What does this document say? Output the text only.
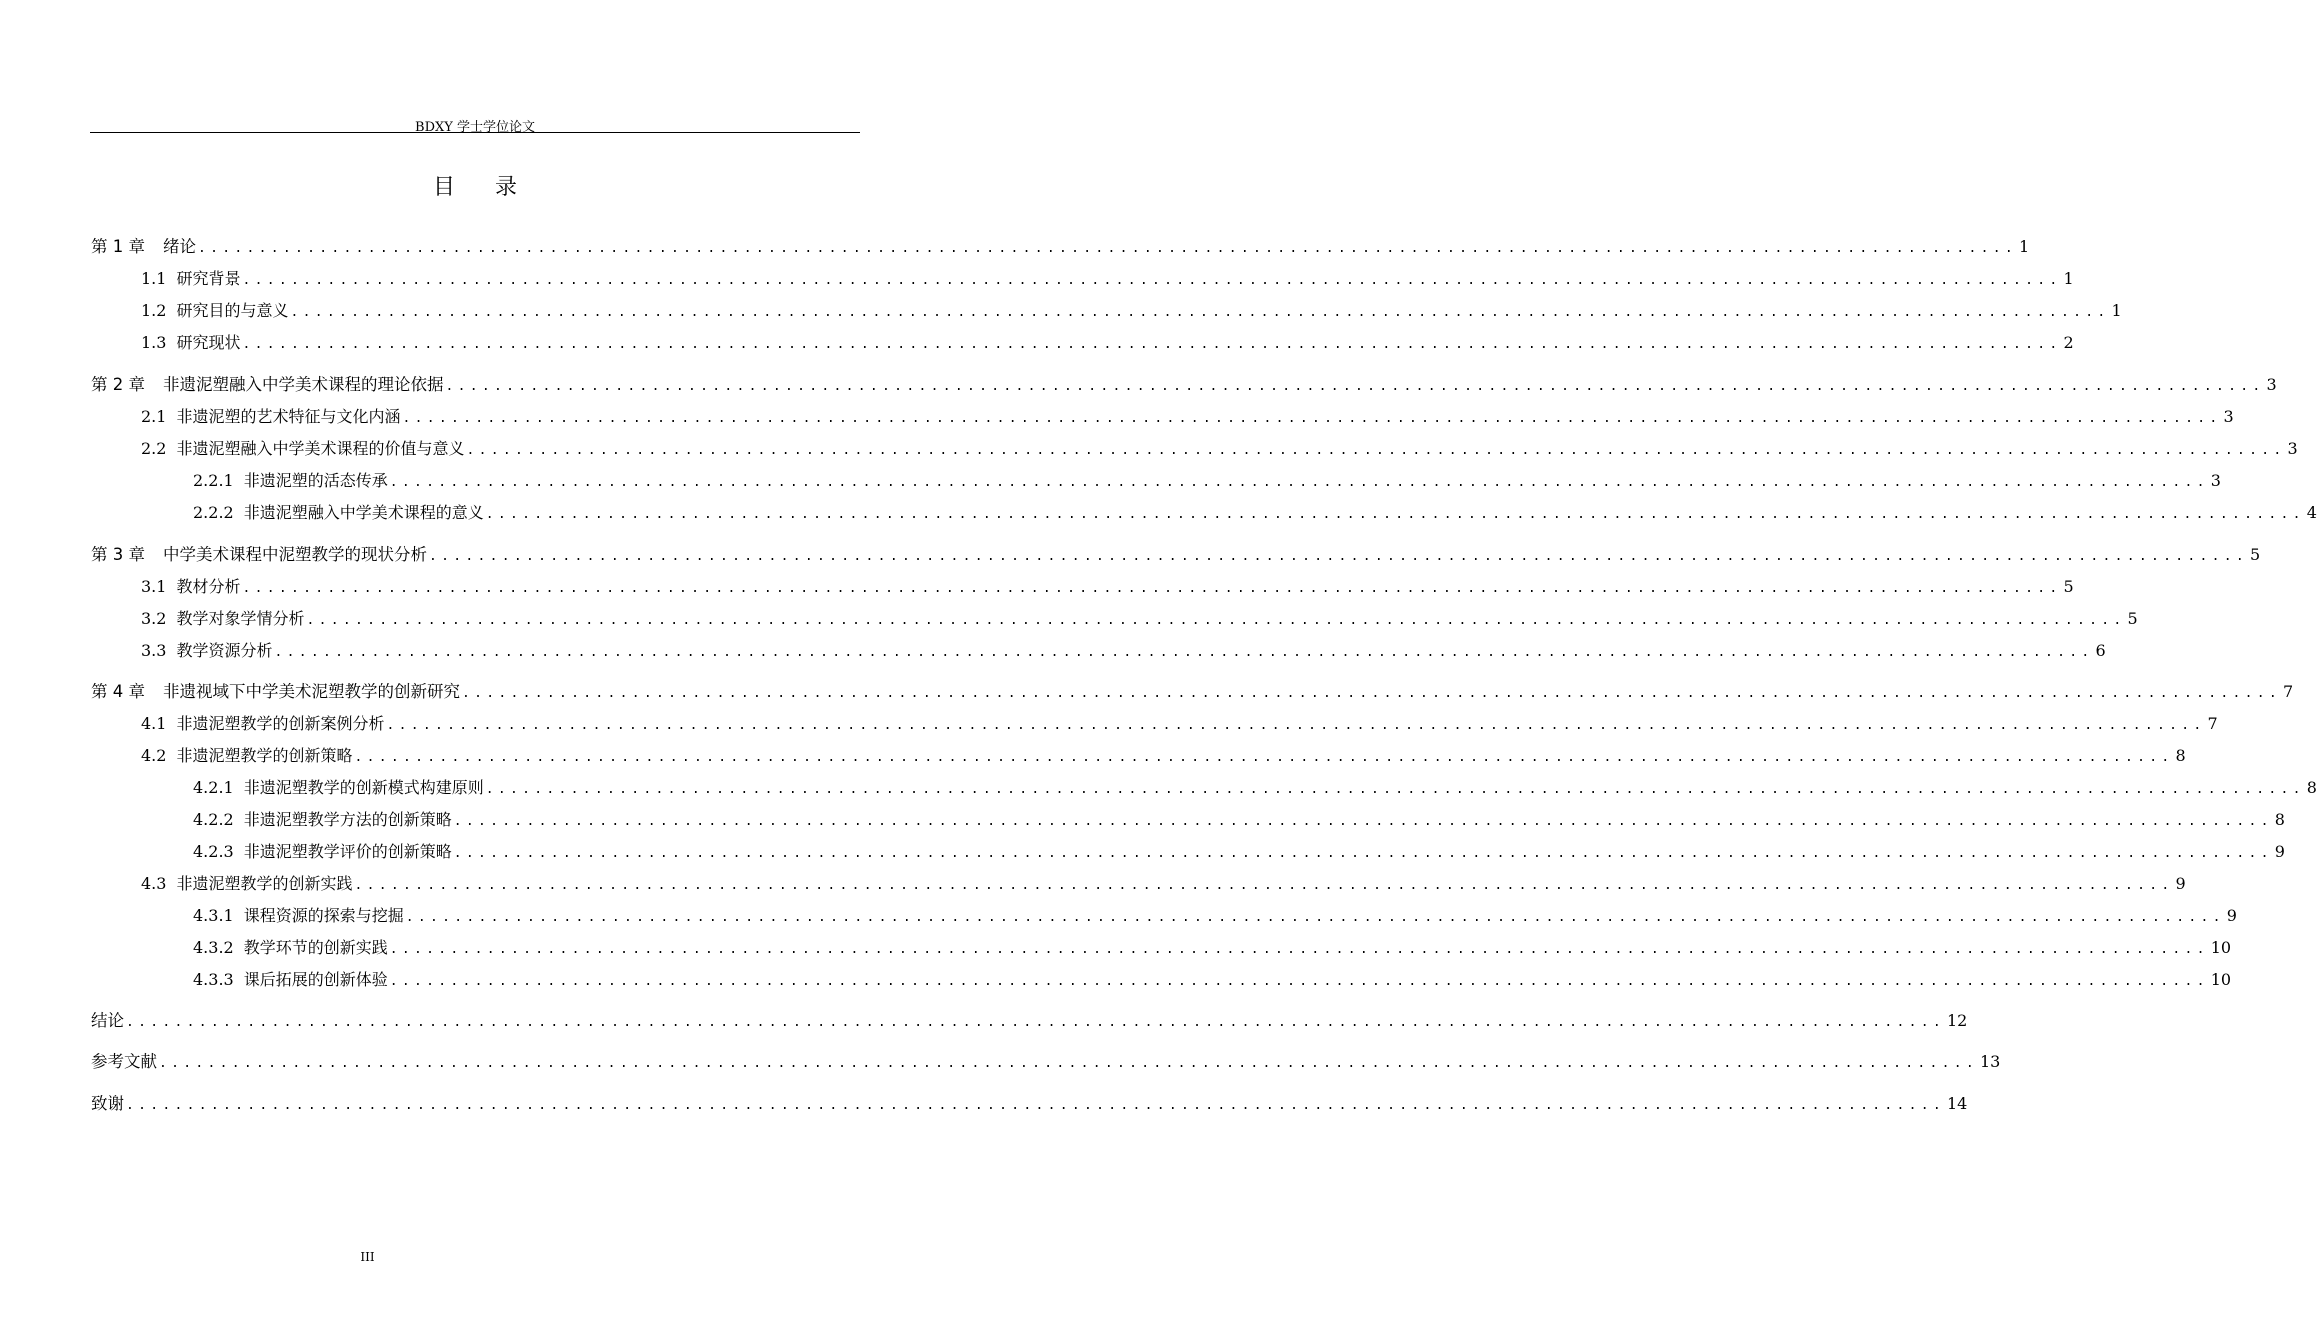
BDXY 学士学位论文
目录
第 1 章 绪论 ...................................................................................................................................................... 1
1.1 研究背景 ...................................................................................................................................................... 1
1.2 研究目的与意义 ...................................................................................................................................................... 1
1.3 研究现状 ...................................................................................................................................................... 2
第 2 章 非遗泥塑融入中学美术课程的理论依据 ...................................................................................................................................................... 3
2.1 非遗泥塑的艺术特征与文化内涵 ...................................................................................................................................................... 3
2.2 非遗泥塑融入中学美术课程的价值与意义 ...................................................................................................................................................... 3
2.2.1 非遗泥塑的活态传承 ...................................................................................................................................................... 3
2.2.2 非遗泥塑融入中学美术课程的意义 ...................................................................................................................................................... 4
第 3 章 中学美术课程中泥塑教学的现状分析 ...................................................................................................................................................... 5
3.1 教材分析 ...................................................................................................................................................... 5
3.2 教学对象学情分析 ...................................................................................................................................................... 5
3.3 教学资源分析 ...................................................................................................................................................... 6
第 4 章 非遗视域下中学美术泥塑教学的创新研究 ...................................................................................................................................................... 7
4.1 非遗泥塑教学的创新案例分析 ...................................................................................................................................................... 7
4.2 非遗泥塑教学的创新策略 ...................................................................................................................................................... 8
4.2.1 非遗泥塑教学的创新模式构建原则 ...................................................................................................................................................... 8
4.2.2 非遗泥塑教学方法的创新策略 ...................................................................................................................................................... 8
4.2.3 非遗泥塑教学评价的创新策略 ...................................................................................................................................................... 9
4.3 非遗泥塑教学的创新实践 ...................................................................................................................................................... 9
4.3.1 课程资源的探索与挖掘 ...................................................................................................................................................... 9
4.3.2 教学环节的创新实践 ...................................................................................................................................................... 10
4.3.3 课后拓展的创新体验 ...................................................................................................................................................... 10
结论 ...................................................................................................................................................... 12
参考文献 ...................................................................................................................................................... 13
致谢 ...................................................................................................................................................... 14
III
